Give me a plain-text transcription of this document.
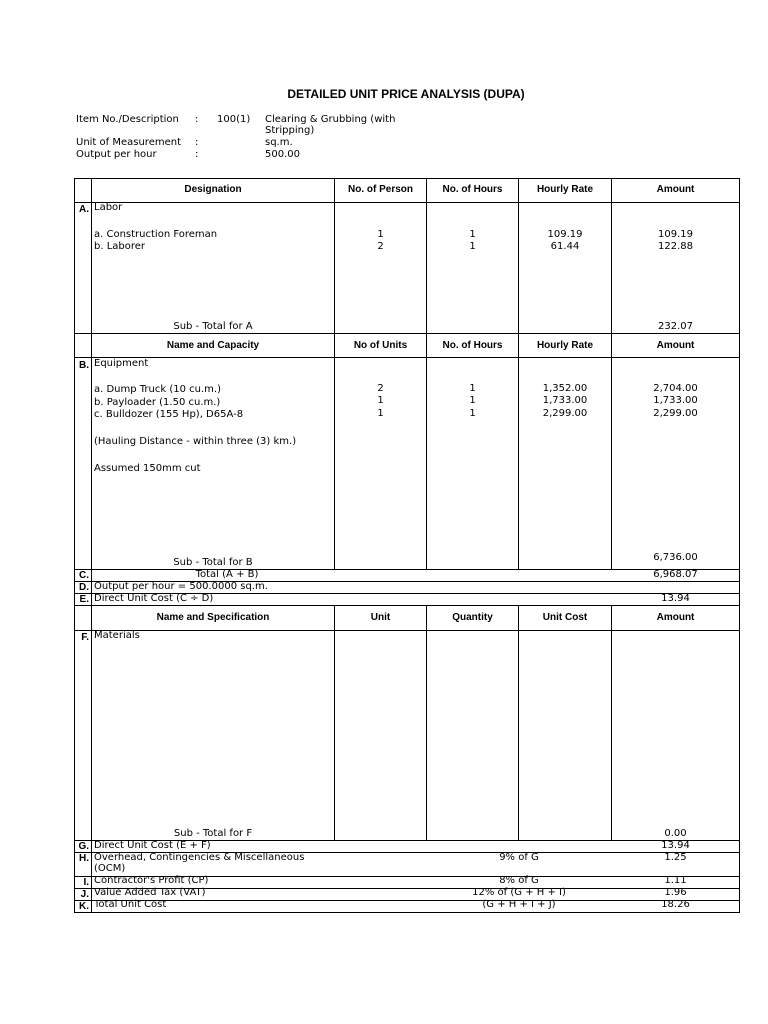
DETAILED UNIT PRICE ANALYSIS (DUPA)
Item No./Description : 100(1) Clearing & Grubbing (with
Stripping)
Unit of Measurement :	sq.m.
Output per hour	:	500.00
Designation	No. of Person	No. of Hours	Hourly Rate	Amount
A. Labor
a. Construction Foreman	1	1	109.19	109.19
b. Laborer	2	1	61.44	122.88
Sub - Total for A	232.07
Name and Capacity	No of Units	No. of Hours	Hourly Rate	Amount
B. Equipment
a. Dump Truck (10 cu.m.)	2	1	1,352.00	2,704.00
b. Payloader (1.50 cu.m.)	1	1	1,733.00	1,733.00
c. Bulldozer (155 Hp), D65A-8	1	1	2,299.00	2,299.00
(Hauling Distance - within three (3) km.)
Assumed 150mm cut
Sub - Total for B	6,736.00
C.	Total (A + B)	6,968.07
D. Output per hour = 500.0000 sq.m.
E. Direct Unit Cost (C ÷ D)	13.94
Name and Specification	Unit	Quantity	Unit Cost	Amount
F. Materials
Sub - Total for F	0.00
G. Direct Unit Cost (E + F)	13.94
H. Overhead, Contingencies & Miscellaneous
(OCM)
9% of G	1.25
I. Contractor's Profit (CP)	8% of G	1.11
J. Value Added Tax (VAT)	12% of (G + H + I)	1.96
K. Total Unit Cost	(G + H + I + J)	18.26
